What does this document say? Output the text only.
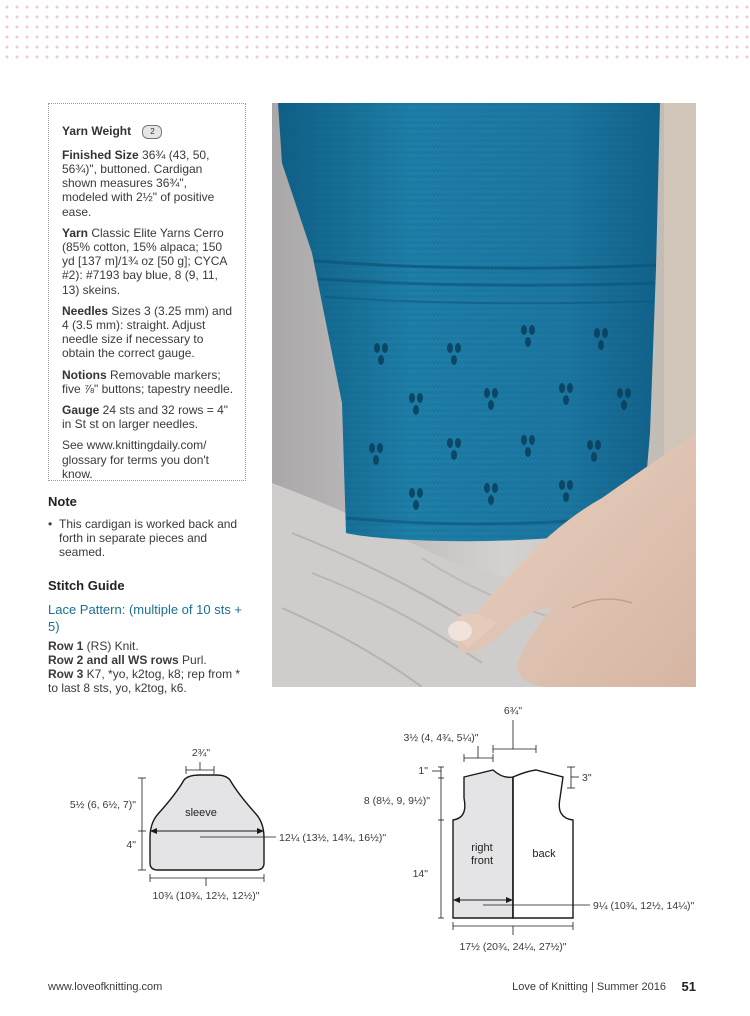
Yarn Weight 2

Finished Size 36¾ (43, 50, 56¾)", buttoned. Cardigan shown measures 36¾", modeled with 2½" of positive ease.

Yarn Classic Elite Yarns Cerro (85% cotton, 15% alpaca; 150 yd [137 m]/1¾ oz [50 g]; CYCA #2): #7193 bay blue, 8 (9, 11, 13) skeins.

Needles Sizes 3 (3.25 mm) and 4 (3.5 mm): straight. Adjust needle size if necessary to obtain the correct gauge.

Notions Removable markers; five ⅞" buttons; tapestry needle.

Gauge 24 sts and 32 rows = 4" in St st on larger needles.

See www.knittingdaily.com/ glossary for terms you don't know.

Note

• This cardigan is worked back and forth in separate pieces and seamed.

Stitch Guide
Lace Pattern: (multiple of 10 sts + 5)

Row 1 (RS) Knit.

Row 2 and all WS rows Purl.

Row 3 K7, *yo, k2tog, k8; rep from * to last 8 sts, yo, k2tog, k6.

sleeve
2¾"
5½ (6, 6½, 7)"
4"
12¼ (13½, 14¾, 16½)"
10¾ (10¾, 12½, 12½)"
right
front
back
6¾"
3½ (4, 4¾, 5¼)"
1"
3"
8 (8½, 9, 9½)"
14"
9¼ (10¾, 12½, 14¼)"
17½ (20¾, 24¼, 27½)"
www.loveofknitting.com	Love of Knitting | Summer 2016 51
